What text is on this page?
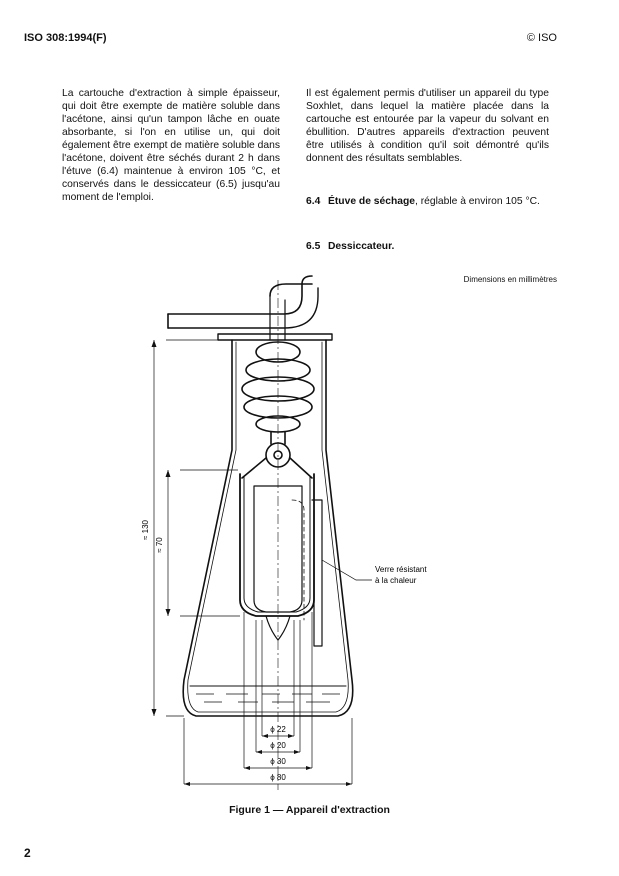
ISO 308:1994(F)	© ISO
La cartouche d'extraction à simple épaisseur, qui doit être exempte de matière soluble dans l'acétone, ainsi qu'un tampon lâche en ouate absorbante, si l'on en utilise un, qui doit également être exempt de matière soluble dans l'acétone, doivent être séchés durant 2 h dans l'étuve (6.4) maintenue à environ 105 °C, et conservés dans le dessiccateur (6.5) jusqu'au moment de l'emploi.
Il est également permis d'utiliser un appareil du type Soxhlet, dans lequel la matière placée dans la cartouche est entourée par la vapeur du solvant en ébullition. D'autres appareils d'extraction peuvent être utilisés à condition qu'il soit démontré qu'ils donnent des résultats semblables.
6.4 Étuve de séchage, réglable à environ 105 °C.
6.5 Dessiccateur.
Dimensions en millimètres
≈ 130
≈ 70
ϕ 22
ϕ 20
ϕ 30
ϕ 80
Verre résistant
à la chaleur
Figure 1 — Appareil d'extraction
2
